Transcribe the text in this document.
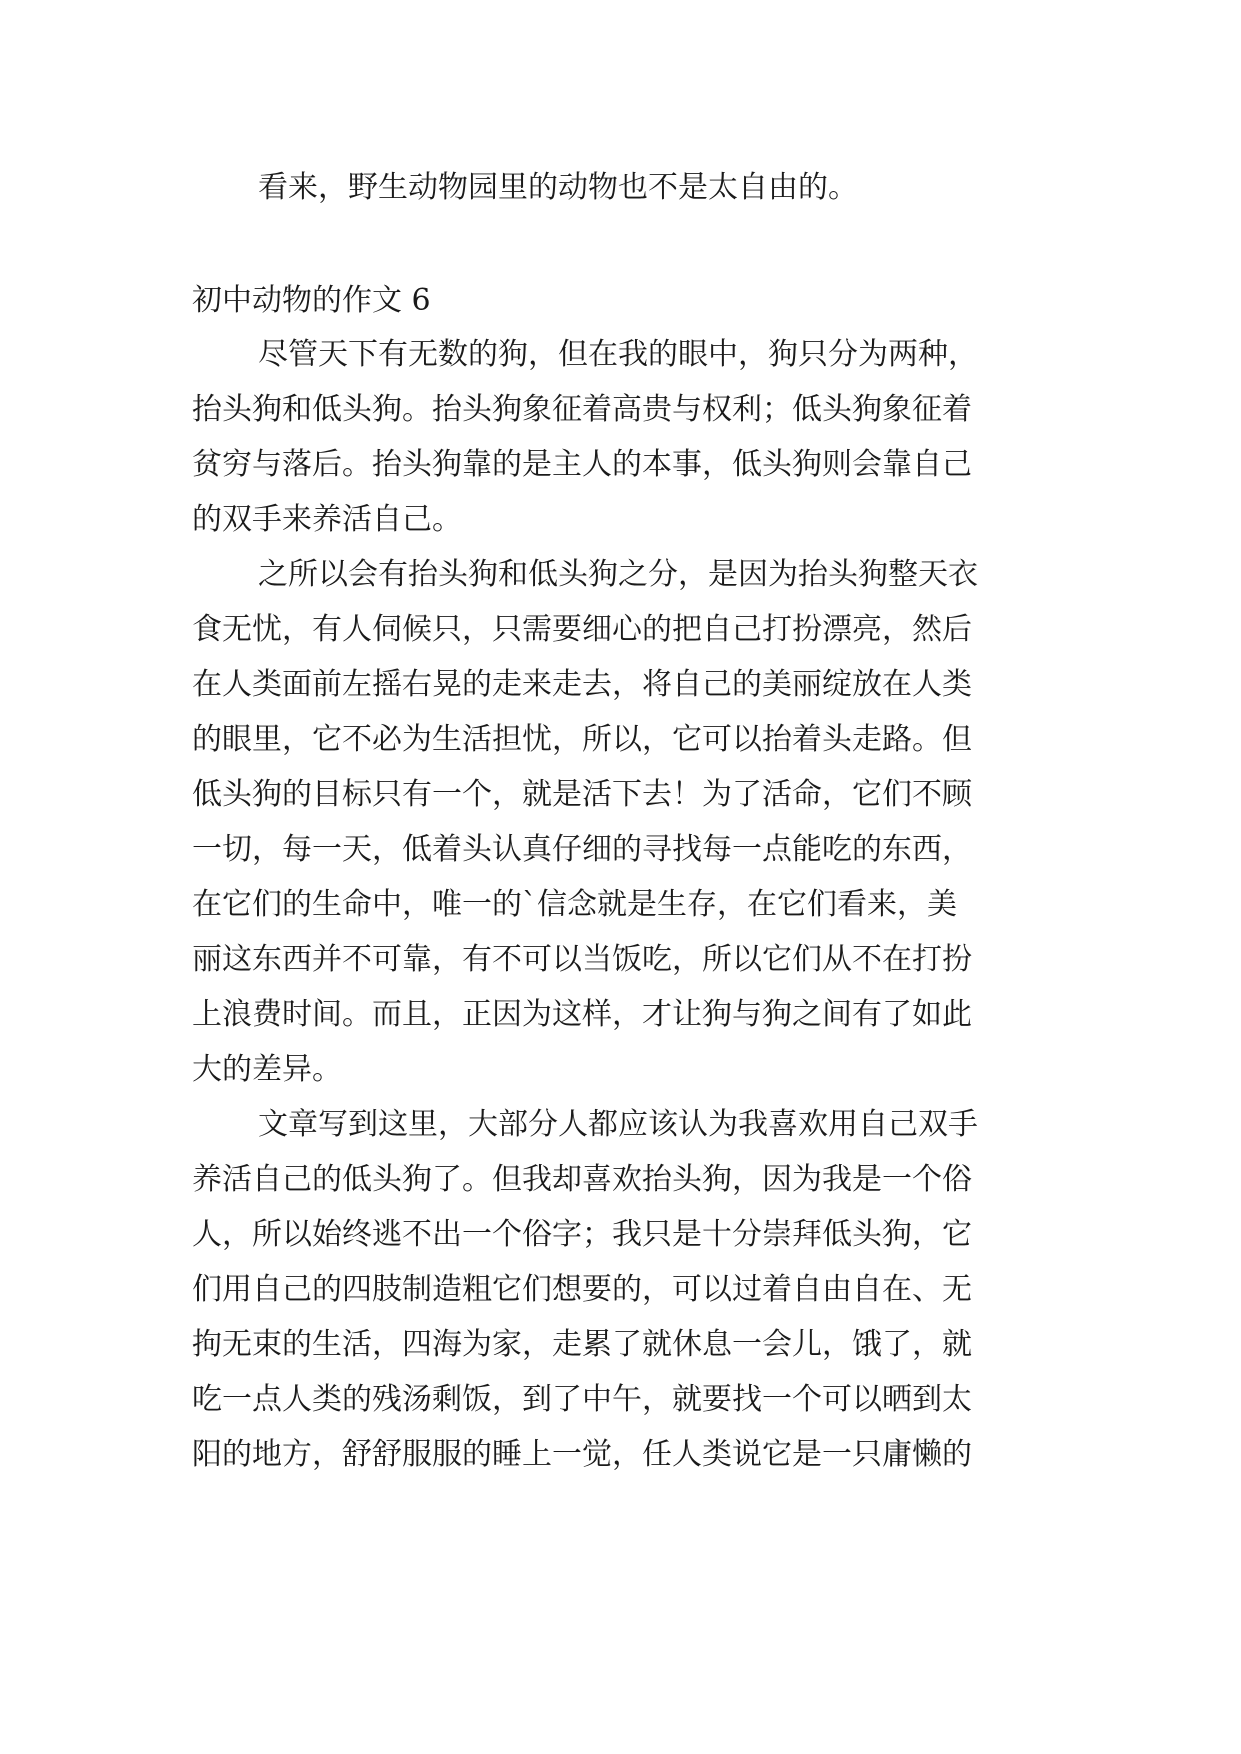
看来，野生动物园里的动物也不是太自由的。
初中动物的作文 6
尽管天下有无数的狗，但在我的眼中，狗只分为两种，
抬头狗和低头狗。抬头狗象征着高贵与权利；低头狗象征着
贫穷与落后。抬头狗靠的是主人的本事，低头狗则会靠自己
的双手来养活自己。
之所以会有抬头狗和低头狗之分，是因为抬头狗整天衣
食无忧，有人伺候只，只需要细心的把自己打扮漂亮，然后
在人类面前左摇右晃的走来走去，将自己的美丽绽放在人类
的眼里，它不必为生活担忧，所以，它可以抬着头走路。但
低头狗的目标只有一个，就是活下去！为了活命，它们不顾
一切，每一天，低着头认真仔细的寻找每一点能吃的东西，
在它们的生命中，唯一的`信念就是生存，在它们看来，美
丽这东西并不可靠，有不可以当饭吃，所以它们从不在打扮
上浪费时间。而且，正因为这样，才让狗与狗之间有了如此
大的差异。
文章写到这里，大部分人都应该认为我喜欢用自己双手
养活自己的低头狗了。但我却喜欢抬头狗，因为我是一个俗
人，所以始终逃不出一个俗字；我只是十分崇拜低头狗，它
们用自己的四肢制造粗它们想要的，可以过着自由自在、无
拘无束的生活，四海为家，走累了就休息一会儿，饿了，就
吃一点人类的残汤剩饭，到了中午，就要找一个可以晒到太
阳的地方，舒舒服服的睡上一觉，任人类说它是一只庸懒的
